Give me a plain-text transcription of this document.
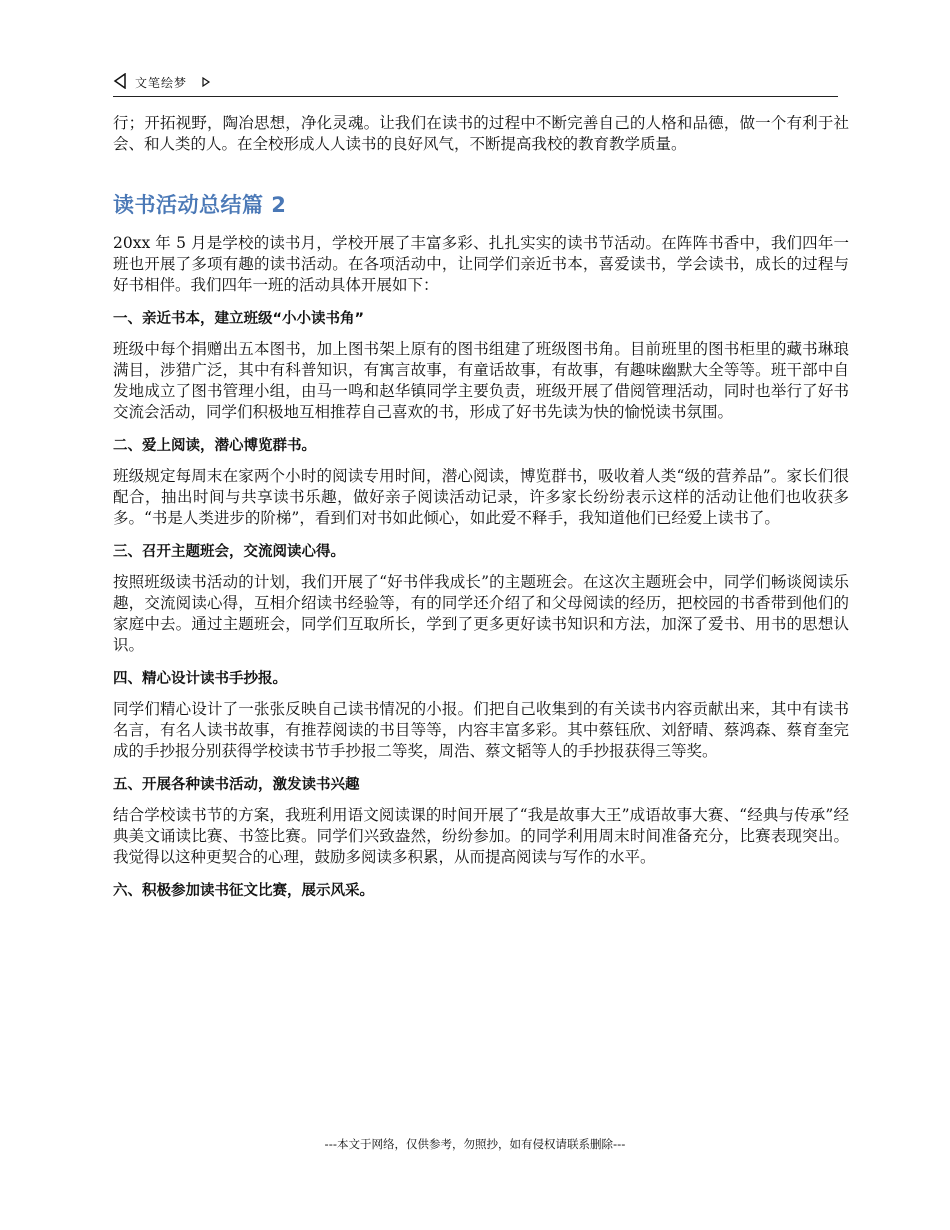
文笔绘梦

行；开拓视野，陶冶思想，净化灵魂。让我们在读书的过程中不断完善自己的人格和品德，做一个有利于社会、和人类的人。在全校形成人人读书的良好风气，不断提高我校的教育教学质量。

读书活动总结篇 2

20xx 年 5 月是学校的读书月，学校开展了丰富多彩、扎扎实实的读书节活动。在阵阵书香中，我们四年一班也开展了多项有趣的读书活动。在各项活动中，让同学们亲近书本，喜爱读书，学会读书，成长的过程与好书相伴。我们四年一班的活动具体开展如下：

一、亲近书本，建立班级“小小读书角”

班级中每个捐赠出五本图书，加上图书架上原有的图书组建了班级图书角。目前班里的图书柜里的藏书琳琅满目，涉猎广泛，其中有科普知识，有寓言故事，有童话故事，有故事，有趣味幽默大全等等。班干部中自发地成立了图书管理小组，由马一鸣和赵华镇同学主要负责，班级开展了借阅管理活动，同时也举行了好书交流会活动，同学们积极地互相推荐自己喜欢的书，形成了好书先读为快的愉悦读书氛围。

二、爱上阅读，潜心博览群书。

班级规定每周末在家两个小时的阅读专用时间，潜心阅读，博览群书，吸收着人类“级的营养品”。家长们很配合，抽出时间与共享读书乐趣，做好亲子阅读活动记录，许多家长纷纷表示这样的活动让他们也收获多多。“书是人类进步的阶梯”，看到们对书如此倾心，如此爱不释手，我知道他们已经爱上读书了。

三、召开主题班会，交流阅读心得。

按照班级读书活动的计划，我们开展了“好书伴我成长”的主题班会。在这次主题班会中，同学们畅谈阅读乐趣，交流阅读心得，互相介绍读书经验等，有的同学还介绍了和父母阅读的经历，把校园的书香带到他们的家庭中去。通过主题班会，同学们互取所长，学到了更多更好读书知识和方法，加深了爱书、用书的思想认识。

四、精心设计读书手抄报。

同学们精心设计了一张张反映自己读书情况的小报。们把自己收集到的有关读书内容贡献出来，其中有读书名言，有名人读书故事，有推荐阅读的书目等等，内容丰富多彩。其中蔡钰欣、刘舒晴、蔡鸿森、蔡育奎完成的手抄报分别获得学校读书节手抄报二等奖，周浩、蔡文韬等人的手抄报获得三等奖。

五、开展各种读书活动，激发读书兴趣

结合学校读书节的方案，我班利用语文阅读课的时间开展了“我是故事大王”成语故事大赛、“经典与传承”经典美文诵读比赛、书签比赛。同学们兴致盎然，纷纷参加。的同学利用周末时间准备充分，比赛表现突出。我觉得以这种更契合的心理，鼓励多阅读多积累，从而提高阅读与写作的水平。

六、积极参加读书征文比赛，展示风采。
---本文于网络，仅供参考，勿照抄，如有侵权请联系删除---
